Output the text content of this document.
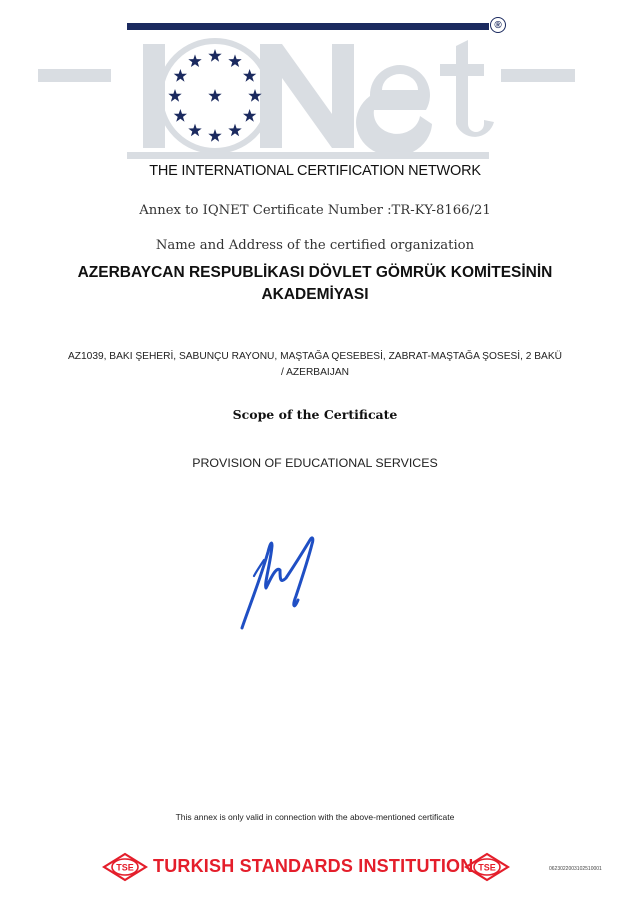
®
THE INTERNATIONAL CERTIFICATION NETWORK
Annex to IQNET Certificate Number :TR-KY-8166/21
Name and Address of the certified organization
AZERBAYCAN RESPUBLİKASI DÖVLET GÖMRÜK KOMİTESİNİN
AKADEMİYASI
AZ1039, BAKI ŞEHERİ, SABUNÇU RAYONU, MAŞTAĞA QESEBESİ, ZABRAT-MAŞTAĞA ŞOSESİ, 2 BAKÜ
/ AZERBAIJAN
Scope of the Certificate
PROVISION OF EDUCATIONAL SERVICES
This annex is only valid in connection with the above-mentioned certificate
TSE TURKISH STANDARDS INSTITUTION TSE	0623022003102510001
